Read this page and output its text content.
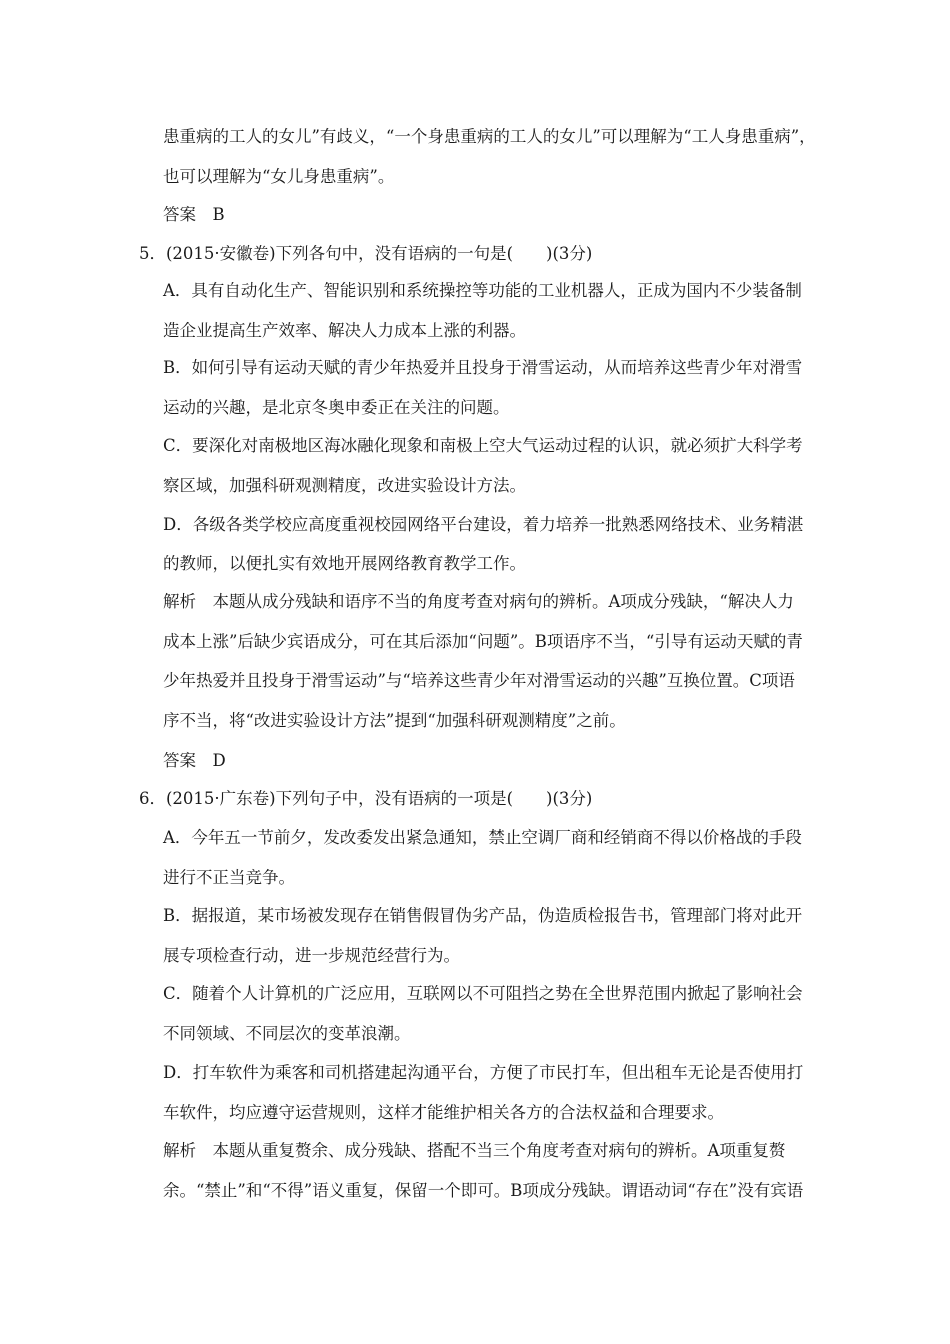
患重病的工人的女儿”有歧义，“一个身患重病的工人的女儿”可以理解为“工人身患重病”，
也可以理解为“女儿身患重病”。
答案　B
5．(2015·安徽卷)下列各句中，没有语病的一句是(　　)(3分)
A．具有自动化生产、智能识别和系统操控等功能的工业机器人，正成为国内不少装备制
造企业提高生产效率、解决人力成本上涨的利器。
B．如何引导有运动天赋的青少年热爱并且投身于滑雪运动，从而培养这些青少年对滑雪
运动的兴趣，是北京冬奥申委正在关注的问题。
C．要深化对南极地区海冰融化现象和南极上空大气运动过程的认识，就必须扩大科学考
察区域，加强科研观测精度，改进实验设计方法。
D．各级各类学校应高度重视校园网络平台建设，着力培养一批熟悉网络技术、业务精湛
的教师，以便扎实有效地开展网络教育教学工作。
解析　本题从成分残缺和语序不当的角度考查对病句的辨析。A项成分残缺，“解决人力
成本上涨”后缺少宾语成分，可在其后添加“问题”。B项语序不当，“引导有运动天赋的青
少年热爱并且投身于滑雪运动”与“培养这些青少年对滑雪运动的兴趣”互换位置。C项语
序不当，将“改进实验设计方法”提到“加强科研观测精度”之前。
答案　D
6．(2015·广东卷)下列句子中，没有语病的一项是(　　)(3分)
A．今年五一节前夕，发改委发出紧急通知，禁止空调厂商和经销商不得以价格战的手段
进行不正当竞争。
B．据报道，某市场被发现存在销售假冒伪劣产品，伪造质检报告书，管理部门将对此开
展专项检查行动，进一步规范经营行为。
C．随着个人计算机的广泛应用，互联网以不可阻挡之势在全世界范围内掀起了影响社会
不同领域、不同层次的变革浪潮。
D．打车软件为乘客和司机搭建起沟通平台，方便了市民打车，但出租车无论是否使用打
车软件，均应遵守运营规则，这样才能维护相关各方的合法权益和合理要求。
解析　本题从重复赘余、成分残缺、搭配不当三个角度考查对病句的辨析。A项重复赘
余。“禁止”和“不得”语义重复，保留一个即可。B项成分残缺。谓语动词“存在”没有宾语
